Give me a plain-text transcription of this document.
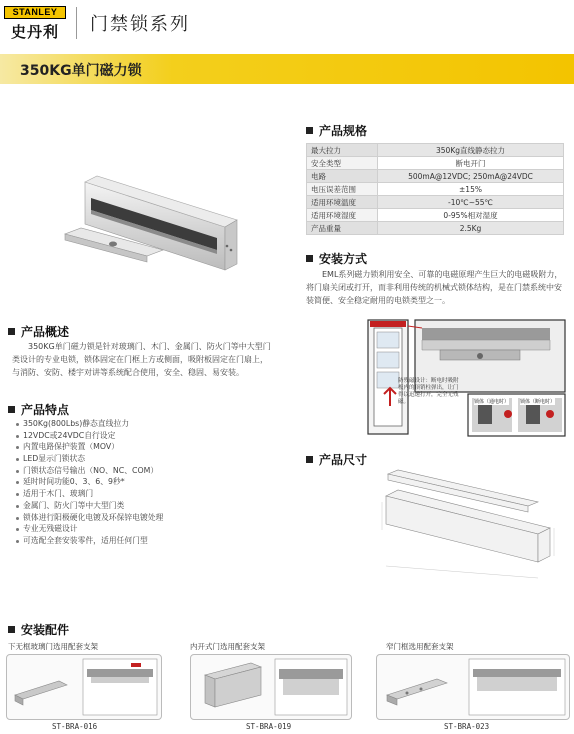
STANLEY
史丹利	门禁锁系列
350KG单门磁力锁
产品规格
最大拉力	350Kg直线静态拉力
安全类型	断电开门
电路	500mA@12VDC; 250mA@24VDC
电压误差范围	±15%
适用环境温度	-10℃~55℃
适用环境湿度	0-95%相对湿度
产品重量	2.5Kg
安装方式
EML系列磁力锁利用安全、可靠的电磁原理产生巨大的电磁吸附力，将门扇关闭或打开，而非利用传统的机械式锁体结构，是在门禁系统中安装简便、安全稳定耐用的电锁类型之一。
防残磁设计：断电时吸附板内的顶销柱弹出，让门得以迅速打开，完全无残磁。	锁体（通电时） 锁体（断电时）
产品概述
350KG单门磁力锁是针对玻璃门、木门、金属门、防火门等中大型门类设计的专业电锁，锁体固定在门框上方或侧面，吸附板固定在门扇上，与消防、安防、楼宇对讲等系统配合使用，安全、稳固、易安装。
产品特点
350Kg(800Lbs)静态直线拉力
12VDC或24VDC自行设定
内置电路保护装置（MOV）
LED显示门锁状态
门锁状态信号输出（NO、NC、COM）
延时时间功能0、3、6、9秒*
适用于木门、玻璃门
金属门、防火门等中大型门类
锁体进行阳极硬化电镀及环保锌电镀处理
专业无残磁设计
可选配全套安装零件，适用任何门型
产品尺寸
安装配件
下无框玻璃门选用配套支架
ST-BRA-016
内开式门选用配套支架
ST-BRA-019
窄门框选用配套支架
ST-BRA-023
